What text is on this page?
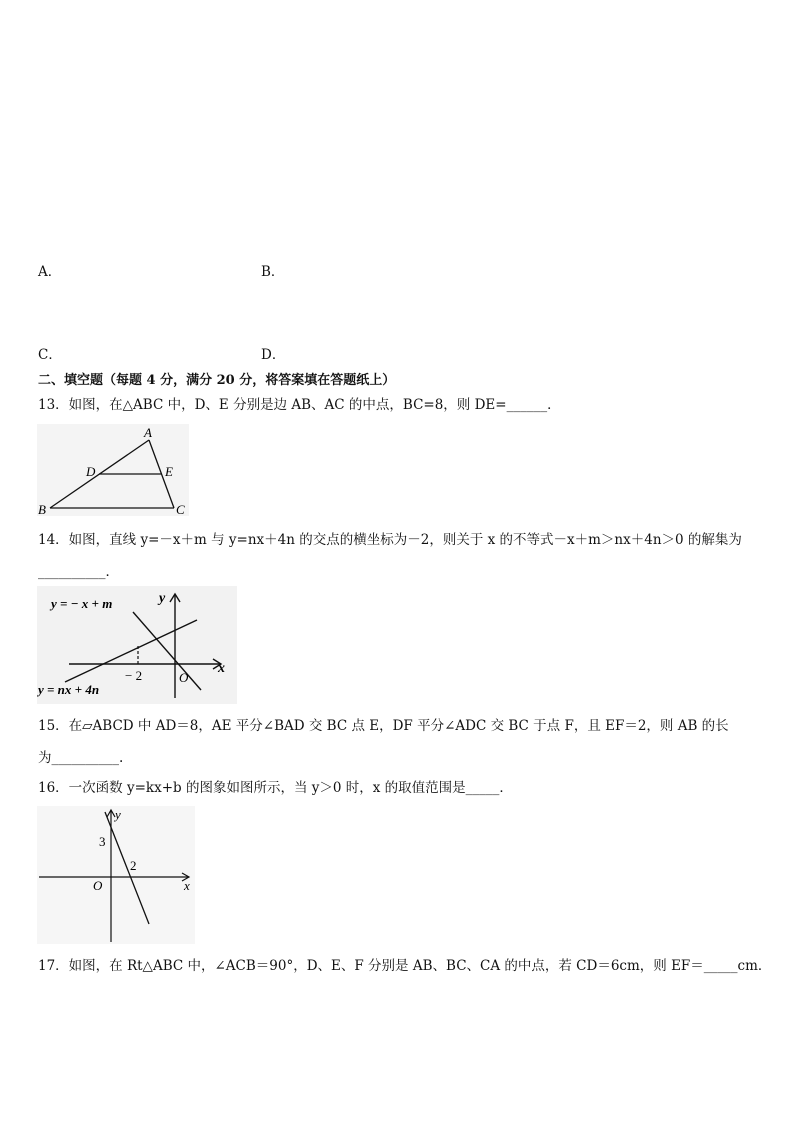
A．	B．
C．	D．
二、填空题（每题 4 分，满分 20 分，将答案填在答题纸上）
13．如图，在△ABC 中，D、E 分别是边 AB、AC 的中点，BC=8，则 DE=______．
A
B	C
D	E
14．如图，直线 y=－x＋m 与 y=nx＋4n 的交点的横坐标为－2，则关于 x 的不等式－x＋m＞nx＋4n＞0 的解集为
__________．
y = − x + m
y = nx + 4n
y
x
O
− 2
15．在▱ABCD 中 AD＝8，AE 平分∠BAD 交 BC 点 E，DF 平分∠ADC 交 BC 于点 F，且 EF＝2，则 AB 的长
为__________.
16．一次函数 y=kx+b 的图象如图所示，当 y＞0 时，x 的取值范围是_____．
y
x
O
3
2
17．如图，在 Rt△ABC 中，∠ACB＝90°，D、E、F 分别是 AB、BC、CA 的中点，若 CD＝6cm，则 EF＝_____cm．
